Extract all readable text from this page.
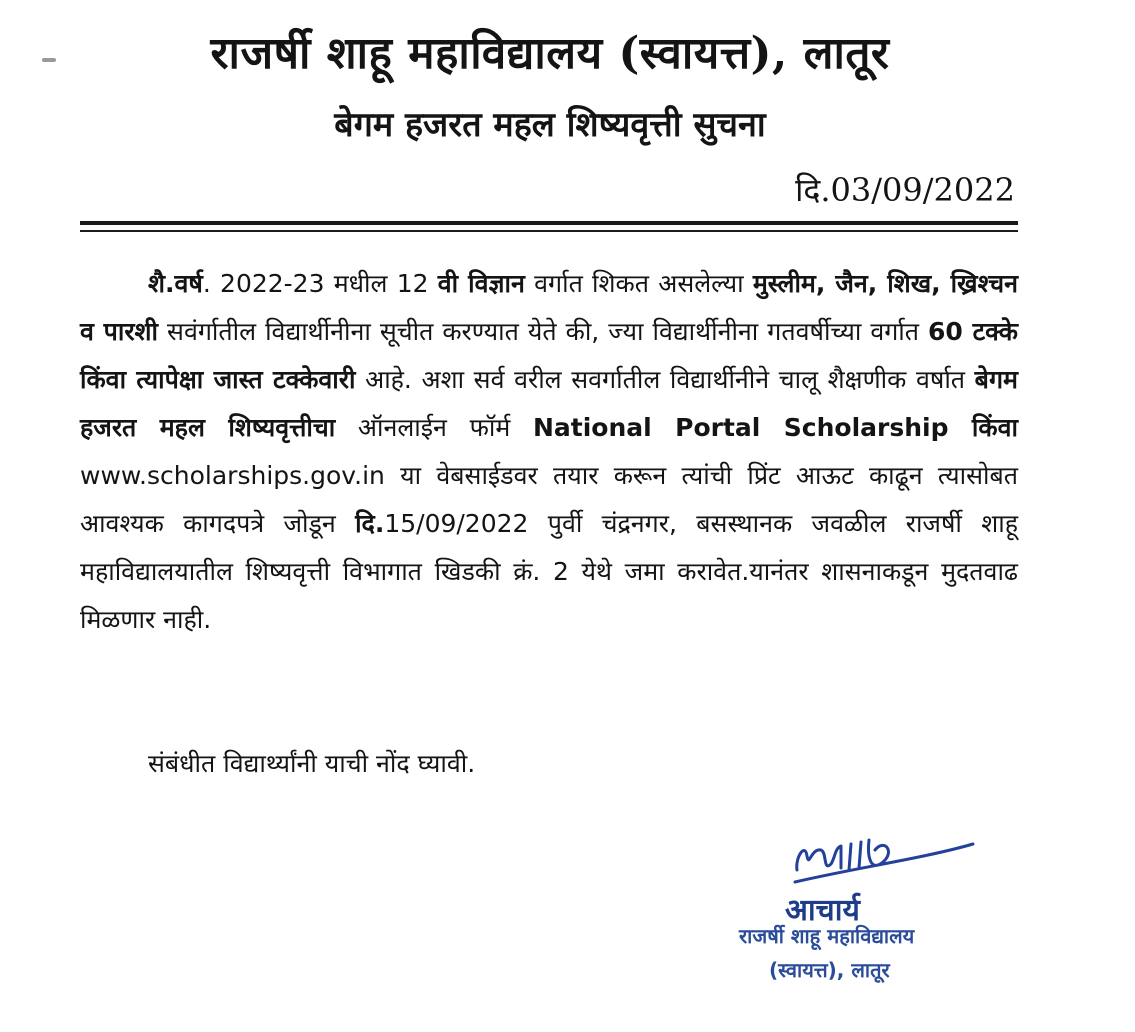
राजर्षी शाहू महाविद्यालय (स्वायत्त), लातूर
बेगम हजरत महल शिष्यवृत्ती सुचना
दि.03/09/2022

शै.वर्ष. 2022-23 मधील 12 वी विज्ञान वर्गात शिकत असलेल्या मुस्लीम, जैन, शिख, ख्रिश्चन व पारशी सवंर्गातील विद्यार्थीनीना सूचीत करण्यात येते की, ज्या विद्यार्थीनीना गतवर्षीच्या वर्गात 60 टक्के किंवा त्यापेक्षा जास्त टक्केवारी आहे. अशा सर्व वरील सवर्गातील विद्यार्थीनीने चालू शैक्षणीक वर्षात बेगम हजरत महल शिष्यवृत्तीचा ऑनलाईन फॉर्म National Portal Scholarship किंवा www.scholarships.gov.in या वेबसाईडवर तयार करून त्यांची प्रिंट आऊट काढून त्यासोबत आवश्यक कागदपत्रे जोडून दि.15/09/2022 पुर्वी चंद्रनगर, बसस्थानक जवळील राजर्षी शाहू महाविद्यालयातील शिष्यवृत्ती विभागात खिडकी क्रं. 2 येथे जमा करावेत.यानंतर शासनाकडून मुदतवाढ मिळणार नाही.

संबंधीत विद्यार्थ्यांनी याची नोंद घ्यावी.
आचार्य
राजर्षी शाहू महाविद्यालय
(स्वायत्त), लातूर
